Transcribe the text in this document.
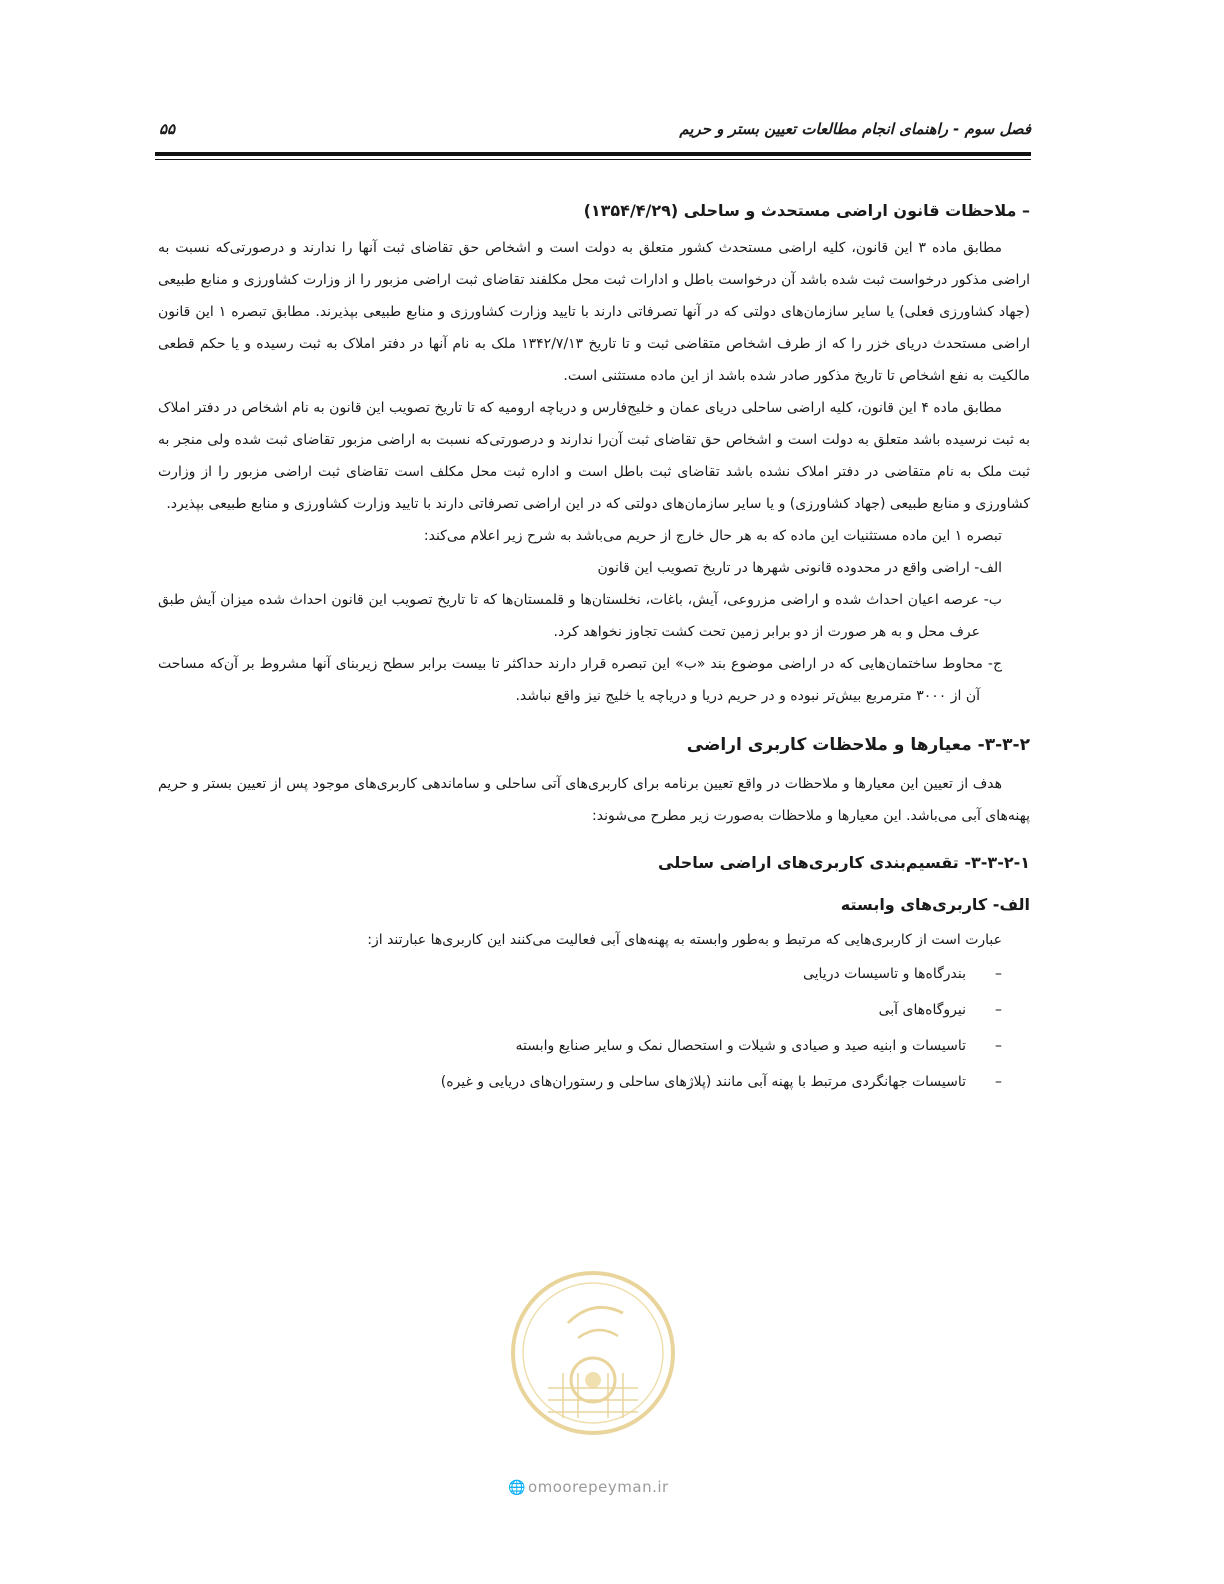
فصل سوم - راهنمای انجام مطالعات تعیین بستر و حریم
۵۵
– ملاحظات قانون اراضی مستحدث و ساحلی (۱۳۵۴/۴/۲۹)

مطابق ماده ۳ این قانون، کلیه اراضی مستحدث کشور متعلق به دولت است و اشخاص حق تقاضای ثبت آنها را ندارند و درصورتی‌که نسبت به اراضی مذکور درخواست ثبت شده باشد آن درخواست باطل و ادارات ثبت محل مکلفند تقاضای ثبت اراضی مزبور را از وزارت کشاورزی و منابع طبیعی (جهاد کشاورزی فعلی) یا سایر سازمان‌های دولتی که در آنها تصرفاتی دارند با تایید وزارت کشاورزی و منابع طبیعی بپذیرند. مطابق تبصره ۱ این قانون اراضی مستحدث دریای خزر را که از طرف اشخاص متقاضی ثبت و تا تاریخ ۱۳۴۲/۷/۱۳ ملک به نام آنها در دفتر املاک به ثبت رسیده و یا حکم قطعی مالکیت به نفع اشخاص تا تاریخ مذکور صادر شده باشد از این ماده مستثنی است.

مطابق ماده ۴ این قانون، کلیه اراضی ساحلی دریای عمان و خلیج‌فارس و دریاچه ارومیه که تا تاریخ تصویب این قانون به نام اشخاص در دفتر املاک به ثبت نرسیده باشد متعلق به دولت است و اشخاص حق تقاضای ثبت آن‌را ندارند و درصورتی‌که نسبت به اراضی مزبور تقاضای ثبت شده ولی منجر به ثبت ملک به نام متقاضی در دفتر املاک نشده باشد تقاضای ثبت باطل است و اداره ثبت محل مکلف است تقاضای ثبت اراضی مزبور را از وزارت کشاورزی و منابع طبیعی (جهاد کشاورزی) و یا سایر سازمان‌های دولتی که در این اراضی تصرفاتی دارند با تایید وزارت کشاورزی و منابع طبیعی بپذیرد.

تبصره ۱ این ماده مستثنیات این ماده که به هر حال خارج از حریم می‌باشد به شرح زیر اعلام می‌کند:

الف- اراضی واقع در محدوده قانونی شهرها در تاریخ تصویب این قانون

ب- عرصه اعیان احداث شده و اراضی مزروعی، آیش، باغات، نخلستان‌ها و قلمستان‌ها که تا تاریخ تصویب این قانون احداث شده میزان آیش طبق عرف محل و به هر صورت از دو برابر زمین تحت کشت تجاوز نخواهد کرد.

ج- محاوط ساختمان‌هایی که در اراضی موضوع بند «ب» این تبصره قرار دارند حداکثر تا بیست برابر سطح زیربنای آنها مشروط بر آن‌که مساحت آن از ۳۰۰۰ مترمربع بیش‌تر نبوده و در حریم دریا و دریاچه یا خلیج نیز واقع نباشد.

۳-۳-۲- معیارها و ملاحظات کاربری اراضی

هدف از تعیین این معیارها و ملاحظات در واقع تعیین برنامه برای کاربری‌های آتی ساحلی و ساماندهی کاربری‌های موجود پس از تعیین بستر و حریم پهنه‌های آبی می‌باشد. این معیارها و ملاحظات به‌صورت زیر مطرح می‌شوند:

۳-۳-۲-۱- تقسیم‌بندی کاربری‌های اراضی ساحلی
الف- کاربری‌های وابسته

عبارت است از کاربری‌هایی که مرتبط و به‌طور وابسته به پهنه‌های آبی فعالیت می‌کنند این کاربری‌ها عبارتند از:

–
بندرگاه‌ها و تاسیسات دریایی
–
نیروگاه‌های آبی
–
تاسیسات و ابنیه صید و صیادی و شیلات و استحصال نمک و سایر صنایع وابسته
–
تاسیسات جهانگردی مرتبط با پهنه آبی مانند (پلاژهای ساحلی و رستوران‌های دریایی و غیره)
🌐 omoorepeyman.ir
